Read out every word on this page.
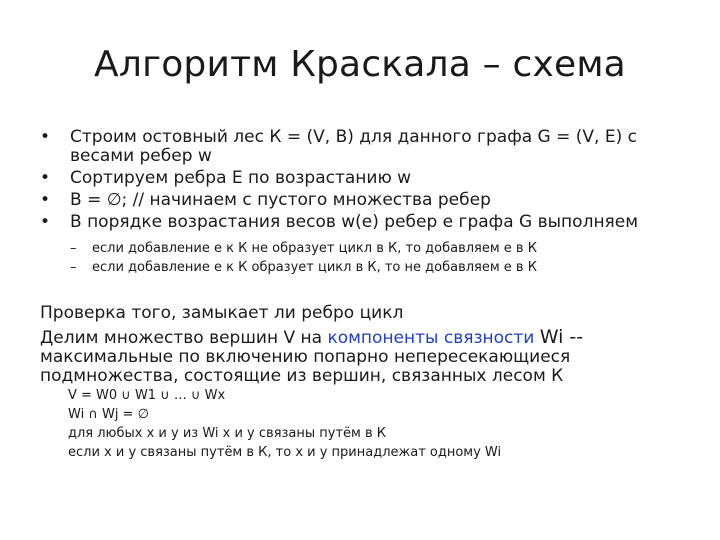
Алгоритм Краскала – схема
• Строим остовный лес К = (V, B) для данного графа G = (V, E) с весами ребер w
• Сортируем ребра E по возрастанию w
• B = ∅; // начинаем с пустого множества ребер
• В порядке возрастания весов w(e) ребер e графа G выполняем
– если добавление e к К не образует цикл в К, то добавляем e в К
– если добавление e к К образует цикл в К, то не добавляем e в К
Проверка того, замыкает ли ребро цикл
Делим множество вершин V на компоненты связности Wi -- максимальные по включению попарно непересекающиеся подмножества, состоящие из вершин, связанных лесом К
V = W0 ∪ W1 ∪ … ∪ Wx
Wi ∩ Wj = ∅
для любых x и y из Wi x и y связаны путём в К
если x и y связаны путём в К, то x и y принадлежат одному Wi
